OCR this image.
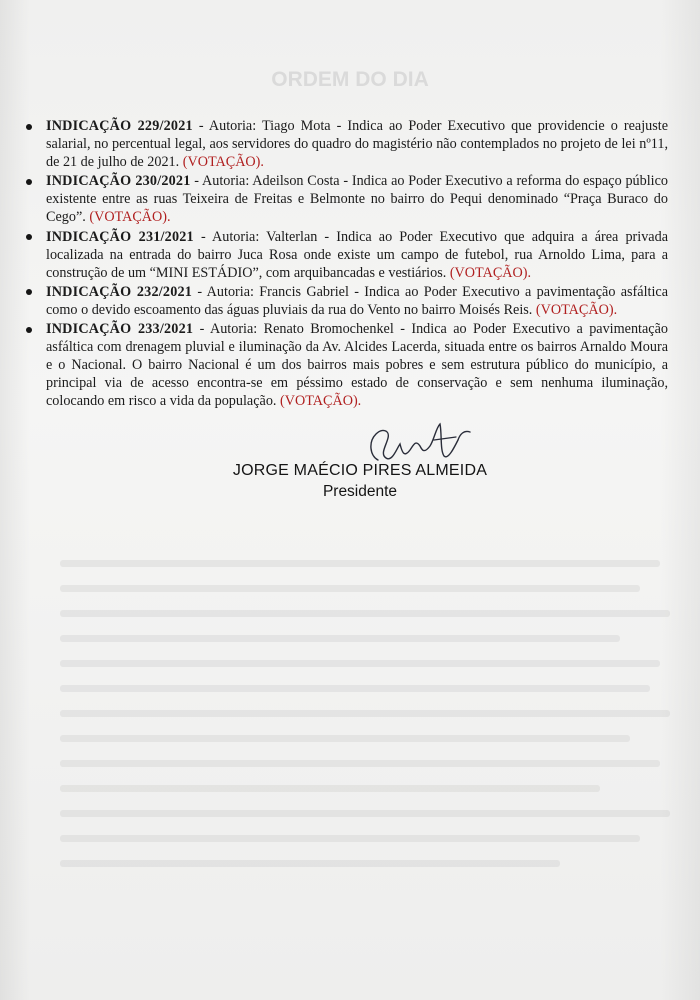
ORDEM DO DIA
INDICAÇÃO 229/2021 - Autoria: Tiago Mota - Indica ao Poder Executivo que providencie o reajuste salarial, no percentual legal, aos servidores do quadro do magistério não contemplados no projeto de lei nº11, de 21 de julho de 2021. (VOTAÇÃO).
INDICAÇÃO 230/2021 - Autoria: Adeilson Costa - Indica ao Poder Executivo a reforma do espaço público existente entre as ruas Teixeira de Freitas e Belmonte no bairro do Pequi denominado “Praça Buraco do Cego”. (VOTAÇÃO).
INDICAÇÃO 231/2021 - Autoria: Valterlan - Indica ao Poder Executivo que adquira a área privada localizada na entrada do bairro Juca Rosa onde existe um campo de futebol, rua Arnoldo Lima, para a construção de um “MINI ESTÁDIO”, com arquibancadas e vestiários. (VOTAÇÃO).
INDICAÇÃO 232/2021 - Autoria: Francis Gabriel - Indica ao Poder Executivo a pavimentação asfáltica como o devido escoamento das águas pluviais da rua do Vento no bairro Moisés Reis. (VOTAÇÃO).
INDICAÇÃO 233/2021 - Autoria: Renato Bromochenkel - Indica ao Poder Executivo a pavimentação asfáltica com drenagem pluvial e iluminação da Av. Alcides Lacerda, situada entre os bairros Arnaldo Moura e o Nacional. O bairro Nacional é um dos bairros mais pobres e sem estrutura público do município, a principal via de acesso encontra-se em péssimo estado de conservação e sem nenhuma iluminação, colocando em risco a vida da população. (VOTAÇÃO).
JORGE MAÉCIO PIRES ALMEIDA
Presidente
